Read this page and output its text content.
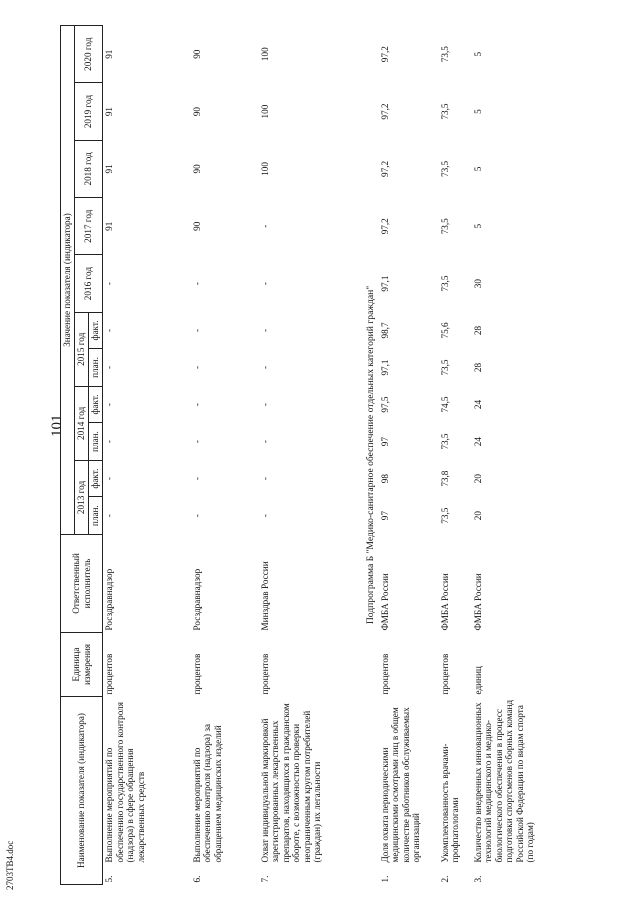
101
2703TB4.doc	Наименование показателя (индикатора)		Единица измерения	Ответственный исполнитель	Значение показателя (индикатора)										
				2013 год		2014 год		2015 год		2016 год	2017 год	2018 год	2019 год	2020 год
				план.	факт.	план.	факт.	план.	факт.					
5.	Выполнение мероприятий по обеспечению государственного контроля (надзора) в сфере обращения лекарственных средств	процентов	Росздравнадзор	-	-	-	-	-	-	-	91	91	91	91
6.	Выполнение мероприятий по обеспечению контроля (надзора) за обращением медицинских изделий	процентов	Росздравнадзор	-	-	-	-	-	-	-	90	90	90	90
7.	Охват индивидуальной маркировкой зарегистрированных лекарственных препаратов, находящихся в гражданском обороте, с возможностью проверки неограниченным кругом потребителей (граждан) их легальности	процентов	Минздрав России	-	-	-	-	-	-	-	-	100	100	100
Подпрограмма Б "Медико-санитарное обеспечение отдельных категорий граждан"														
1.	Доля охвата периодическими медицинскими осмотрами лиц в общем количестве работников обслуживаемых организаций	процентов	ФМБА России	97	98	97	97,5	97,1	98,7	97,1	97,2	97,2	97,2	97,2
2.	Укомплектованность врачами-профпатологами	процентов	ФМБА России	73,5	73,8	73,5	74,5	73,5	75,6	73,5	73,5	73,5	73,5	73,5
3.	Количество внедренных инновационных технологий медицинского и медико-биологического обеспечения в процесс подготовки спортсменов сборных команд Российской Федерации по видам спорта (по годам)	единиц	ФМБА России	20	20	24	24	28	28	30	5	5	5	5
